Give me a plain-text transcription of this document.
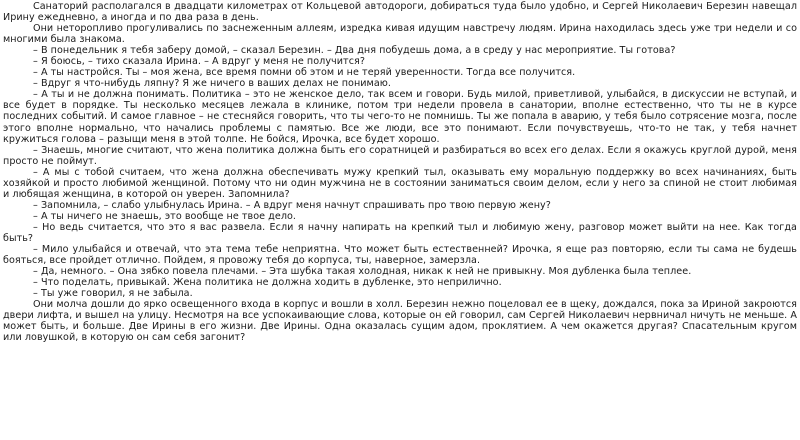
Санаторий располагался в двадцати километрах от Кольцевой автодороги, добираться туда было удобно, и Сергей Николаевич Березин навещал Ирину ежедневно, а иногда и по два раза в день.

Они неторопливо прогуливались по заснеженным аллеям, изредка кивая идущим навстречу людям. Ирина находилась здесь уже три недели и со многими была знакома.

– В понедельник я тебя заберу домой, – сказал Березин. – Два дня побудешь дома, а в среду у нас мероприятие. Ты готова?

– Я боюсь, – тихо сказала Ирина. – А вдруг у меня не получится?

– А ты настройся. Ты – моя жена, все время помни об этом и не теряй уверенности. Тогда все получится.

– Вдруг я что-нибудь ляпну? Я же ничего в ваших делах не понимаю.

– А ты и не должна понимать. Политика – это не женское дело, так всем и говори. Будь милой, приветливой, улыбайся, в дискуссии не вступай, и все будет в порядке. Ты несколько месяцев лежала в клинике, потом три недели провела в санатории, вполне естественно, что ты не в курсе последних событий. И самое главное – не стесняйся говорить, что ты чего-то не помнишь. Ты же попала в аварию, у тебя было сотрясение мозга, после этого вполне нормально, что начались проблемы с памятью. Все же люди, все это понимают. Если почувствуешь, что-то не так, у тебя начнет кружиться голова – разыщи меня в этой толпе. Не бойся, Ирочка, все будет хорошо.

– Знаешь, многие считают, что жена политика должна быть его соратницей и разбираться во всех его делах. Если я окажусь круглой дурой, меня просто не поймут.

– А мы с тобой считаем, что жена должна обеспечивать мужу крепкий тыл, оказывать ему моральную поддержку во всех начинаниях, быть хозяйкой и просто любимой женщиной. Потому что ни один мужчина не в состоянии заниматься своим делом, если у него за спиной не стоит любимая и любящая женщина, в которой он уверен. Запомнила?

– Запомнила, – слабо улыбнулась Ирина. – А вдруг меня начнут спрашивать про твою первую жену?

– А ты ничего не знаешь, это вообще не твое дело.

– Но ведь считается, что это я вас развела. Если я начну напирать на крепкий тыл и любимую жену, разговор может выйти на нее. Как тогда быть?

– Мило улыбайся и отвечай, что эта тема тебе неприятна. Что может быть естественней? Ирочка, я еще раз повторяю, если ты сама не будешь бояться, все пройдет отлично. Пойдем, я провожу тебя до корпуса, ты, наверное, замерзла.

– Да, немного. – Она зябко повела плечами. – Эта шубка такая холодная, никак к ней не привыкну. Моя дубленка была теплее.

– Что поделать, привыкай. Жена политика не должна ходить в дубленке, это неприлично.

– Ты уже говорил, я не забыла.

Они молча дошли до ярко освещенного входа в корпус и вошли в холл. Березин нежно поцеловал ее в щеку, дождался, пока за Ириной закроются двери лифта, и вышел на улицу. Несмотря на все успокаивающие слова, которые он ей говорил, сам Сергей Николаевич нервничал ничуть не меньше. А может быть, и больше. Две Ирины в его жизни. Две Ирины. Одна оказалась сущим адом, проклятием. А чем окажется другая? Спасательным кругом или ловушкой, в которую он сам себя загонит?
